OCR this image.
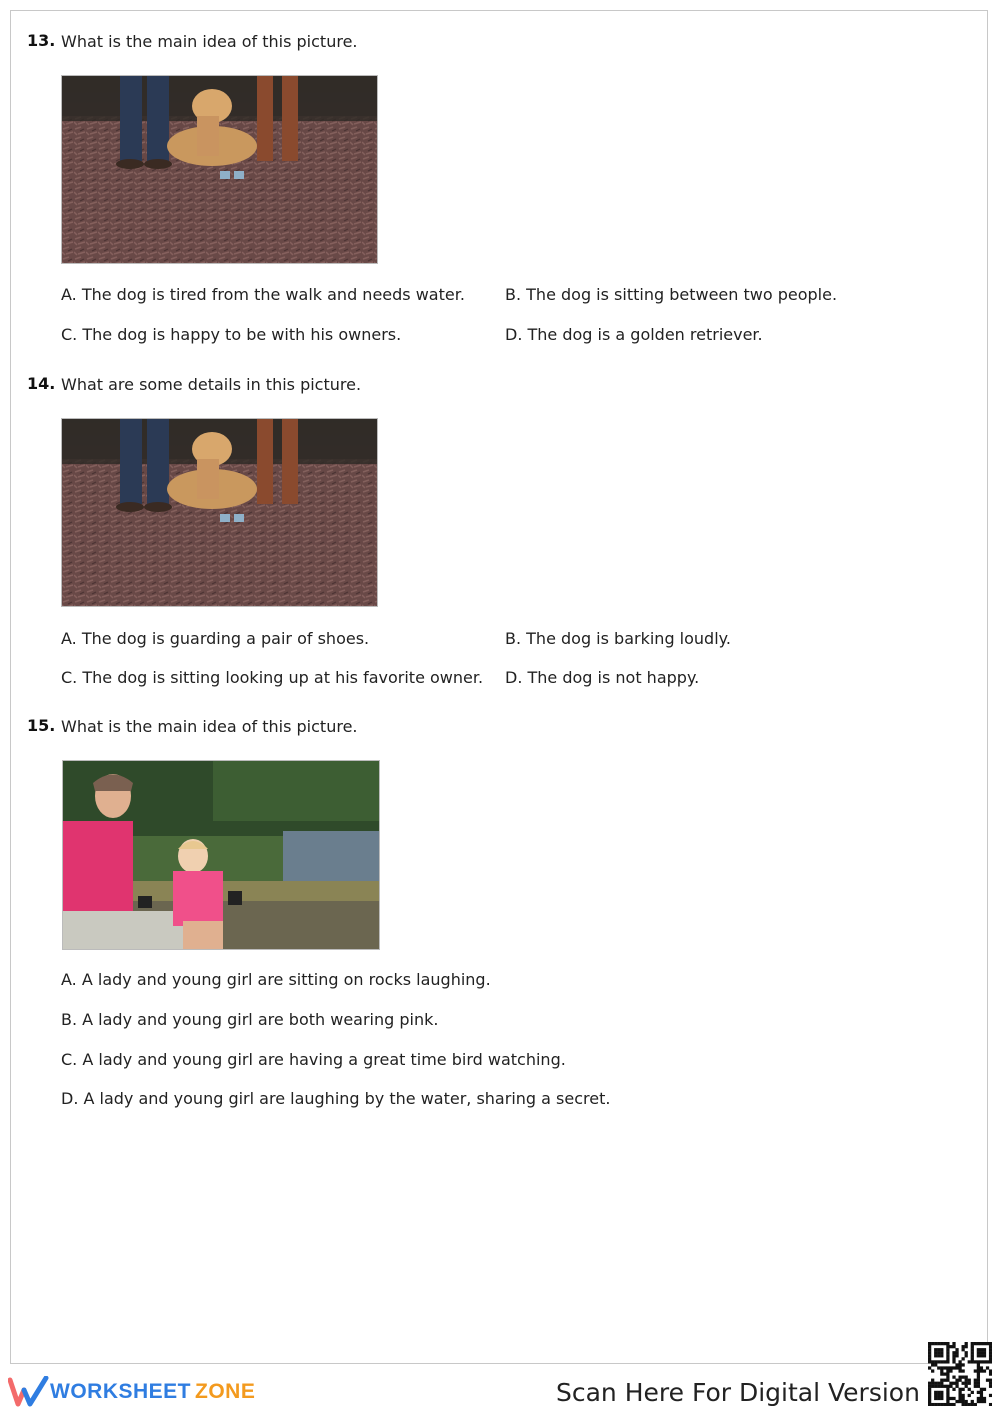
13. What is the main idea of this picture.
A. The dog is tired from the walk and needs water.	B. The dog is sitting between two people.
C. The dog is happy to be with his owners.	D. The dog is a golden retriever.
14. What are some details in this picture.
A. The dog is guarding a pair of shoes.	B. The dog is barking loudly.
C. The dog is sitting looking up at his favorite owner. D. The dog is not happy.
15. What is the main idea of this picture.
A. A lady and young girl are sitting on rocks laughing.
B. A lady and young girl are both wearing pink.
C. A lady and young girl are having a great time bird watching.
D. A lady and young girl are laughing by the water, sharing a secret.
WORKSHEET ZONE	Scan Here For Digital Version
